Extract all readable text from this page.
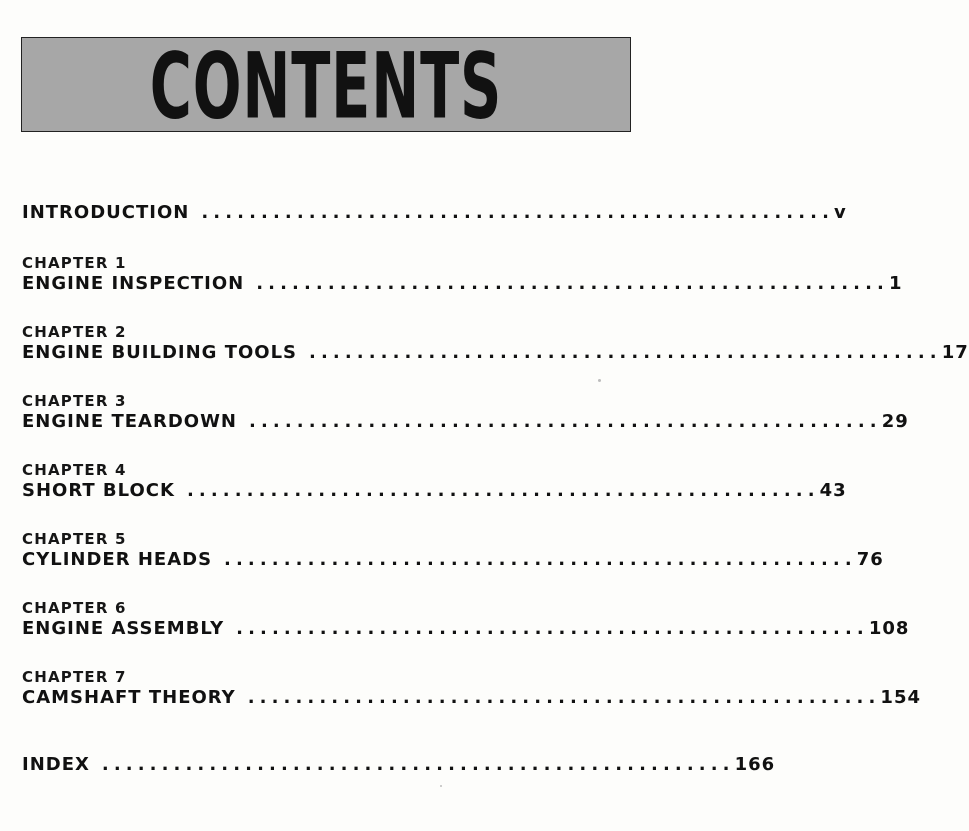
CONTENTS
INTRODUCTION ..................................................... v
CHAPTER 1
ENGINE INSPECTION ..................................................... 1
CHAPTER 2
ENGINE BUILDING TOOLS ..................................................... 17
CHAPTER 3
ENGINE TEARDOWN ..................................................... 29
CHAPTER 4
SHORT BLOCK ..................................................... 43
CHAPTER 5
CYLINDER HEADS ..................................................... 76
CHAPTER 6
ENGINE ASSEMBLY ..................................................... 108
CHAPTER 7
CAMSHAFT THEORY ..................................................... 154
INDEX ..................................................... 166
